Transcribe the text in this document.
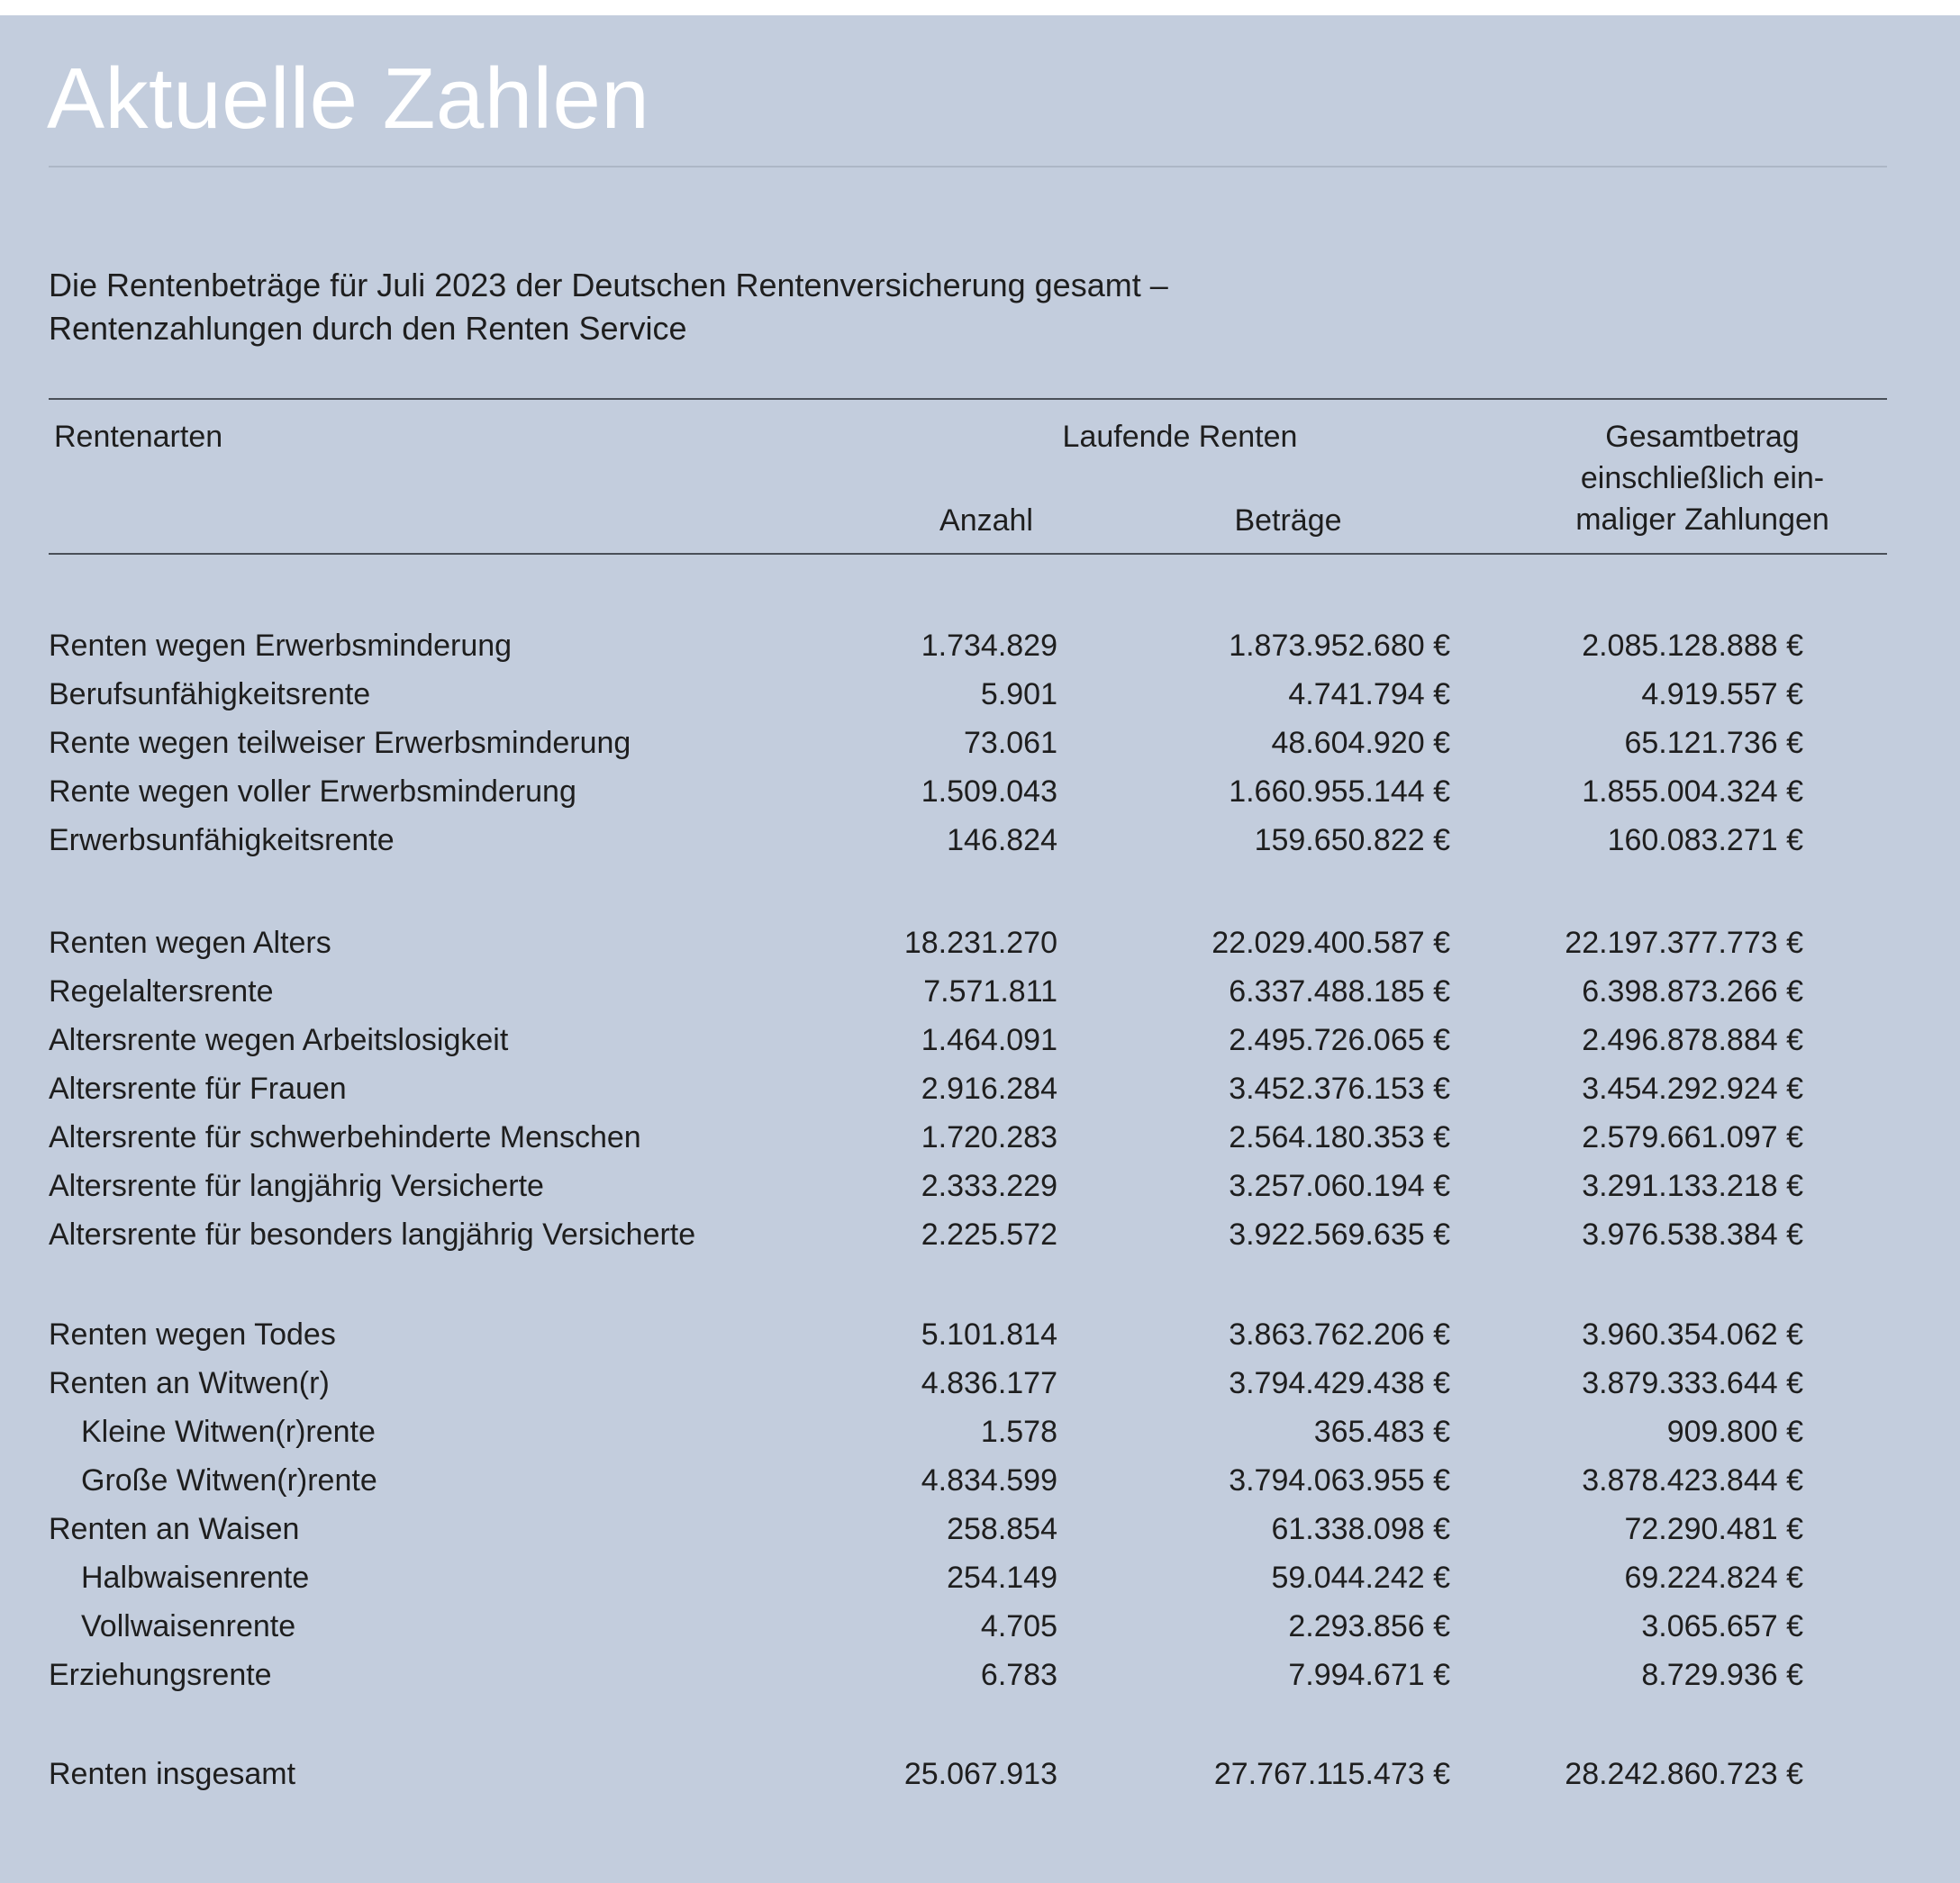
Aktuelle Zahlen
Die Rentenbeträge für Juli 2023 der Deutschen Rentenversicherung gesamt –
Rentenzahlungen durch den Renten Service
Rentenarten	Laufende Renten
Anzahl	Beträge
Gesamtbetrag
einschließlich ein-
maliger Zahlungen
Renten wegen Erwerbsminderung	1.734.829	1.873.952.680 €	2.085.128.888 €
Berufsunfähigkeitsrente	5.901	4.741.794 €	4.919.557 €
Rente wegen teilweiser Erwerbsminderung	73.061	48.604.920 €	65.121.736 €
Rente wegen voller Erwerbsminderung	1.509.043	1.660.955.144 €	1.855.004.324 €
Erwerbsunfähigkeitsrente	146.824	159.650.822 €	160.083.271 €
Renten wegen Alters	18.231.270	22.029.400.587 €	22.197.377.773 €
Regelaltersrente	7.571.811	6.337.488.185 €	6.398.873.266 €
Altersrente wegen Arbeitslosigkeit	1.464.091	2.495.726.065 €	2.496.878.884 €
Altersrente für Frauen	2.916.284	3.452.376.153 €	3.454.292.924 €
Altersrente für schwerbehinderte Menschen	1.720.283	2.564.180.353 €	2.579.661.097 €
Altersrente für langjährig Versicherte	2.333.229	3.257.060.194 €	3.291.133.218 €
Altersrente für besonders langjährig Versicherte	2.225.572	3.922.569.635 €	3.976.538.384 €
Renten wegen Todes	5.101.814	3.863.762.206 €	3.960.354.062 €
Renten an Witwen(r)	4.836.177	3.794.429.438 €	3.879.333.644 €
Kleine Witwen(r)rente	1.578	365.483 €	909.800 €
Große Witwen(r)rente	4.834.599	3.794.063.955 €	3.878.423.844 €
Renten an Waisen	258.854	61.338.098 €	72.290.481 €
Halbwaisenrente	254.149	59.044.242 €	69.224.824 €
Vollwaisenrente	4.705	2.293.856 €	3.065.657 €
Erziehungsrente	6.783	7.994.671 €	8.729.936 €
Renten insgesamt	25.067.913	27.767.115.473 €	28.242.860.723 €
